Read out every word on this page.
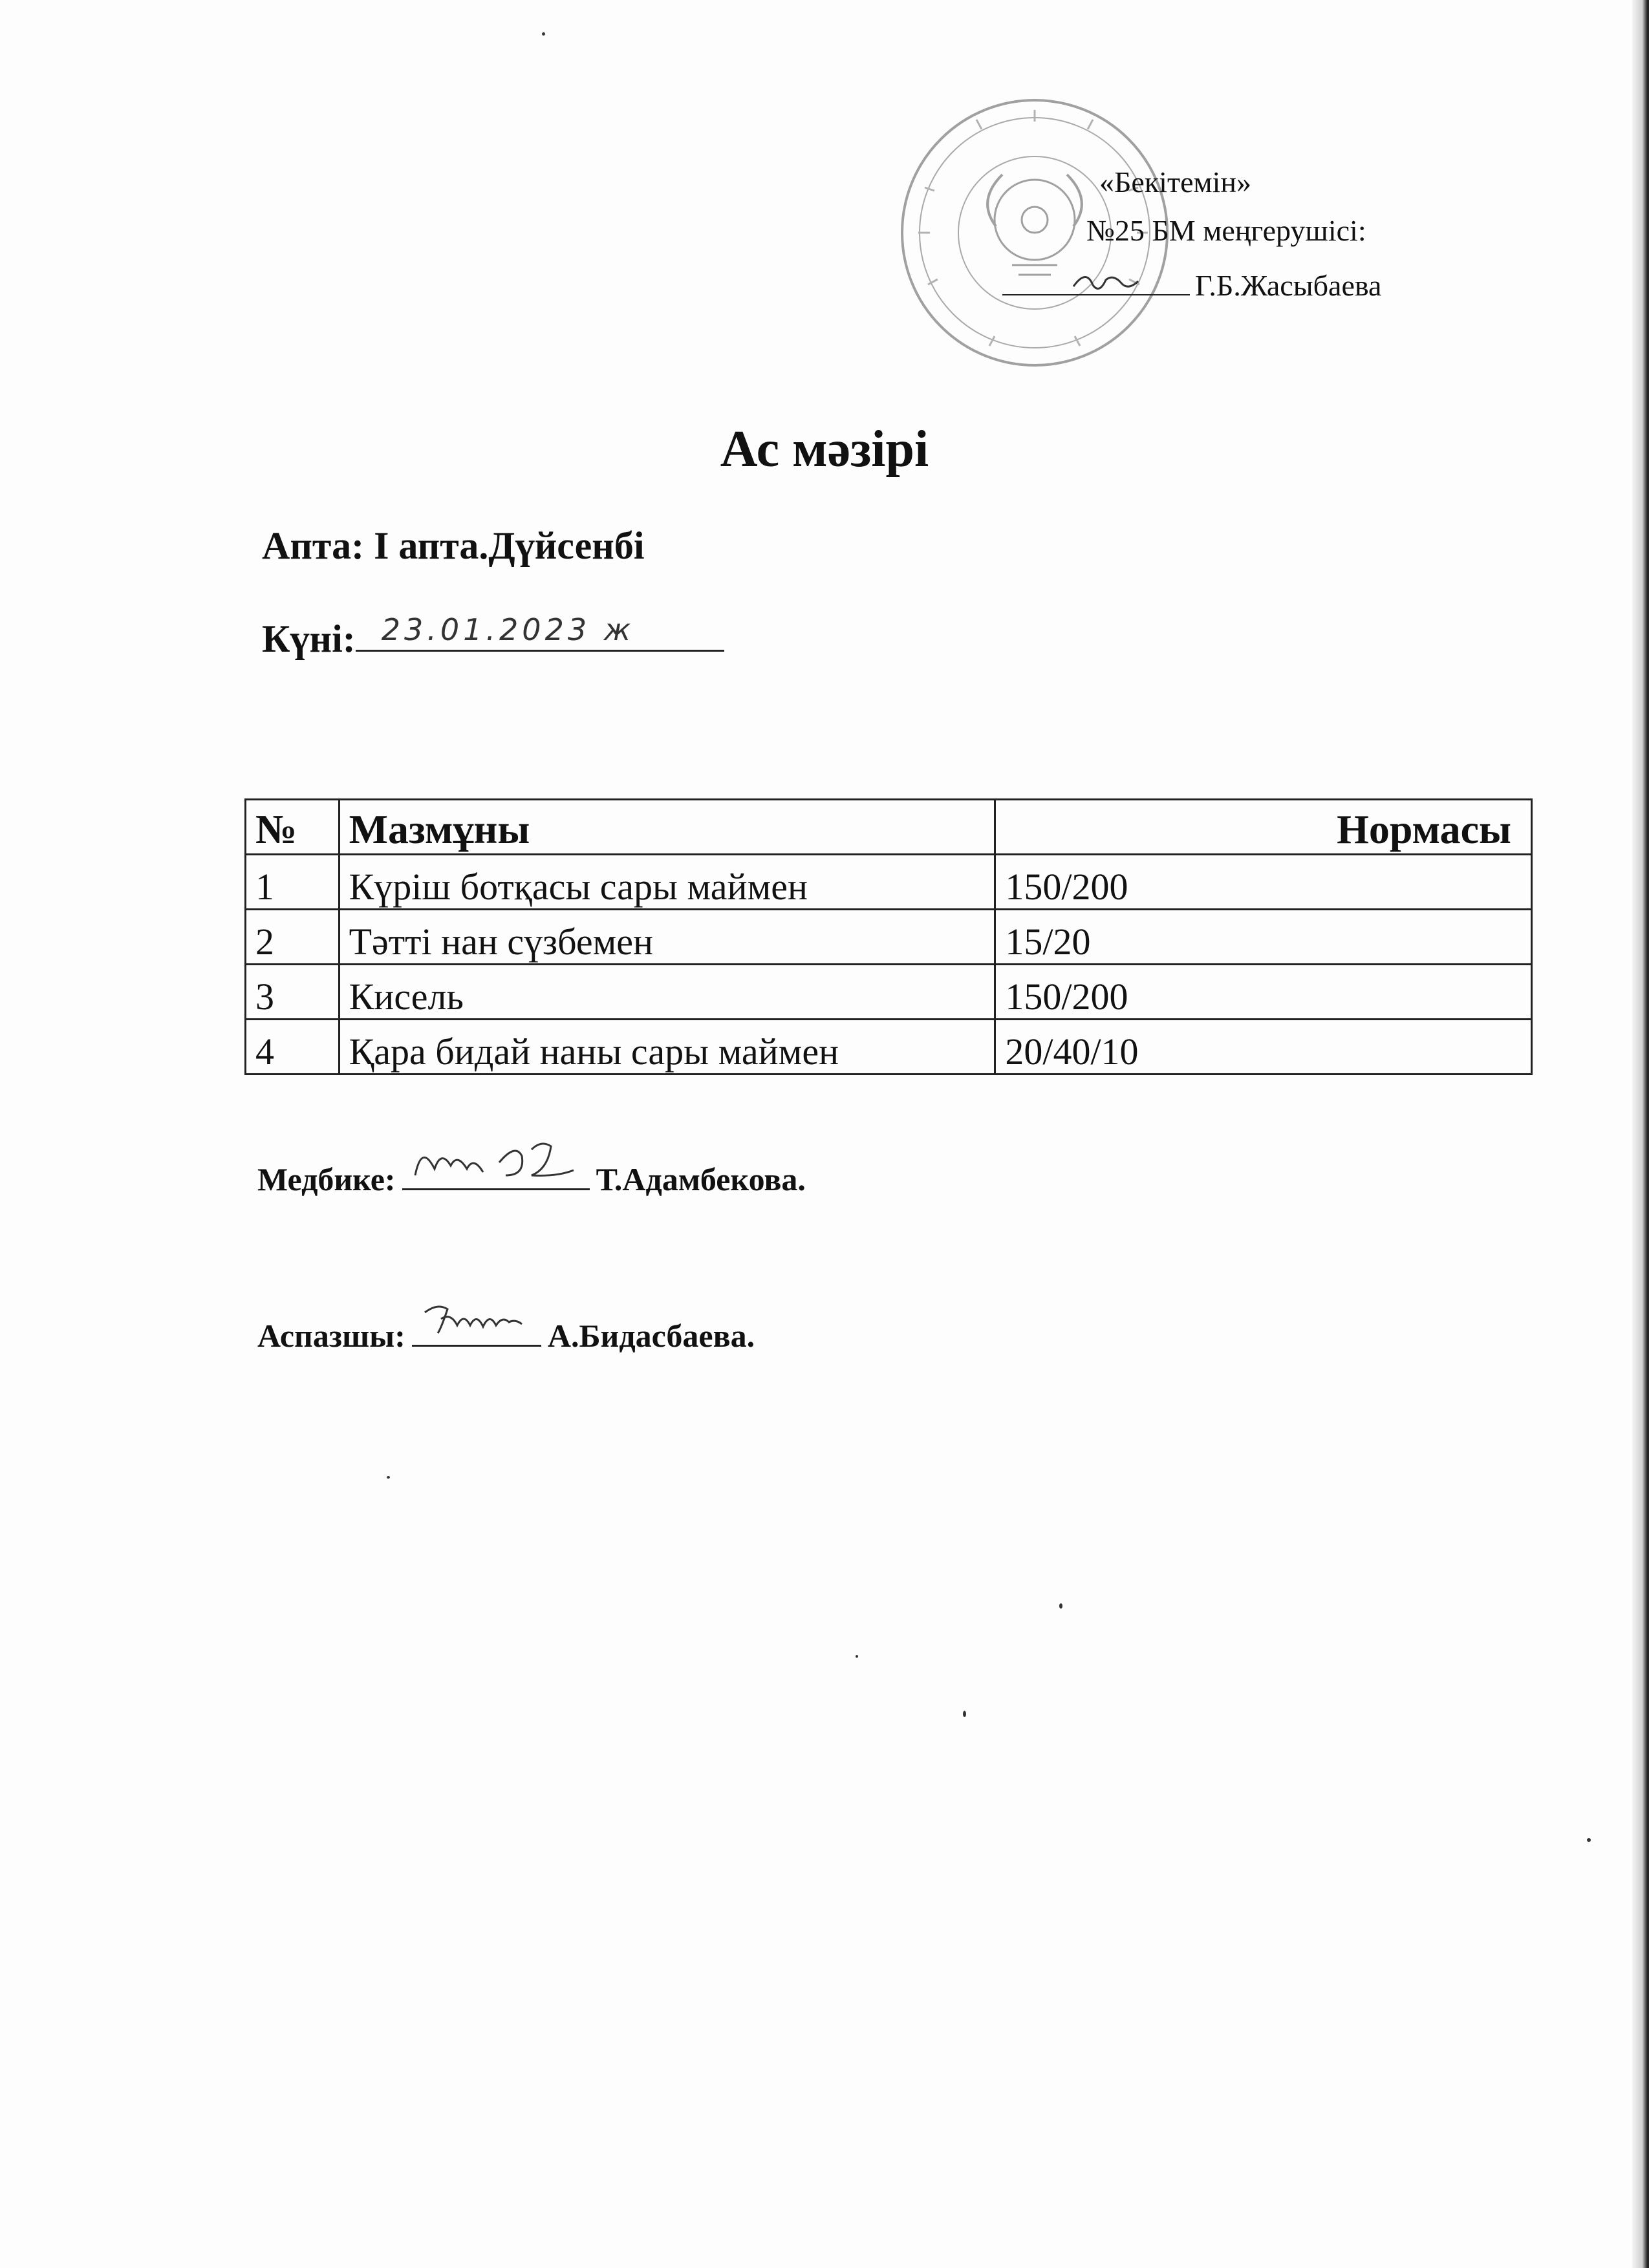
«Бекітемін»
№25 БМ меңгерушісі:
Г.Б.Жасыбаева
Ас мәзірі
Апта: І апта.Дүйсенбі
Күні: 23.01.2023 ж
№	Мазмұны	Нормасы
1	Күріш ботқасы сары маймен	150/200
2	Тәтті нан сүзбемен	15/20
3	Кисель	150/200
4	Қара бидай наны сары маймен	20/40/10
Медбике:	Т.Адамбекова.
Аспазшы:	А.Бидасбаева.
